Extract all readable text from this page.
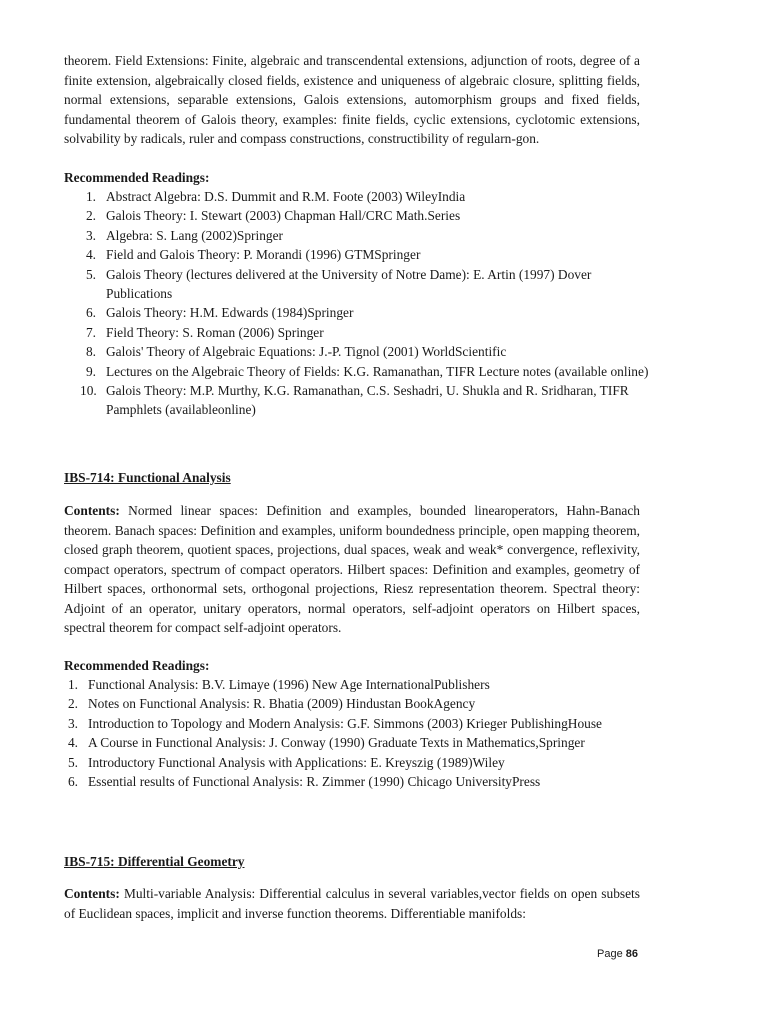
theorem. Field Extensions: Finite, algebraic and transcendental extensions, adjunction of roots, degree of a finite extension, algebraically closed fields, existence and uniqueness of algebraic closure, splitting fields, normal extensions, separable extensions, Galois extensions, automorphism groups and fixed fields, fundamental theorem of Galois theory, examples: finite fields, cyclic extensions, cyclotomic extensions, solvability by radicals, ruler and compass constructions, constructibility of regularn-gon.

Recommended Readings:

1. Abstract Algebra: D.S. Dummit and R.M. Foote (2003) WileyIndia
2. Galois Theory: I. Stewart (2003) Chapman Hall/CRC Math.Series
3. Algebra: S. Lang (2002)Springer
4. Field and Galois Theory: P. Morandi (1996) GTMSpringer
5. Galois Theory (lectures delivered at the University of Notre Dame): E. Artin (1997) Dover Publications
6. Galois Theory: H.M. Edwards (1984)Springer
7. Field Theory: S. Roman (2006) Springer
8. Galois' Theory of Algebraic Equations: J.-P. Tignol (2001) WorldScientific
9. Lectures on the Algebraic Theory of Fields: K.G. Ramanathan, TIFR Lecture notes (available online)
10. Galois Theory: M.P. Murthy, K.G. Ramanathan, C.S. Seshadri, U. Shukla and R. Sridharan, TIFR Pamphlets (availableonline)

IBS-714: Functional Analysis

Contents: Normed linear spaces: Definition and examples, bounded linearoperators, Hahn-Banach theorem. Banach spaces: Definition and examples, uniform boundedness principle, open mapping theorem, closed graph theorem, quotient spaces, projections, dual spaces, weak and weak* convergence, reflexivity, compact operators, spectrum of compact operators. Hilbert spaces: Definition and examples, geometry of Hilbert spaces, orthonormal sets, orthogonal projections, Riesz representation theorem. Spectral theory: Adjoint of an operator, unitary operators, normal operators, self-adjoint operators on Hilbert spaces, spectral theorem for compact self-adjoint operators.

Recommended Readings:

1. Functional Analysis: B.V. Limaye (1996) New Age InternationalPublishers
2. Notes on Functional Analysis: R. Bhatia (2009) Hindustan BookAgency
3. Introduction to Topology and Modern Analysis: G.F. Simmons (2003) Krieger PublishingHouse
4. A Course in Functional Analysis: J. Conway (1990) Graduate Texts in Mathematics,Springer
5. Introductory Functional Analysis with Applications: E. Kreyszig (1989)Wiley
6. Essential results of Functional Analysis: R. Zimmer (1990) Chicago UniversityPress

IBS-715: Differential Geometry

Contents: Multi-variable Analysis: Differential calculus in several variables,vector fields on open subsets of Euclidean spaces, implicit and inverse function theorems. Differentiable manifolds:

Page 86
